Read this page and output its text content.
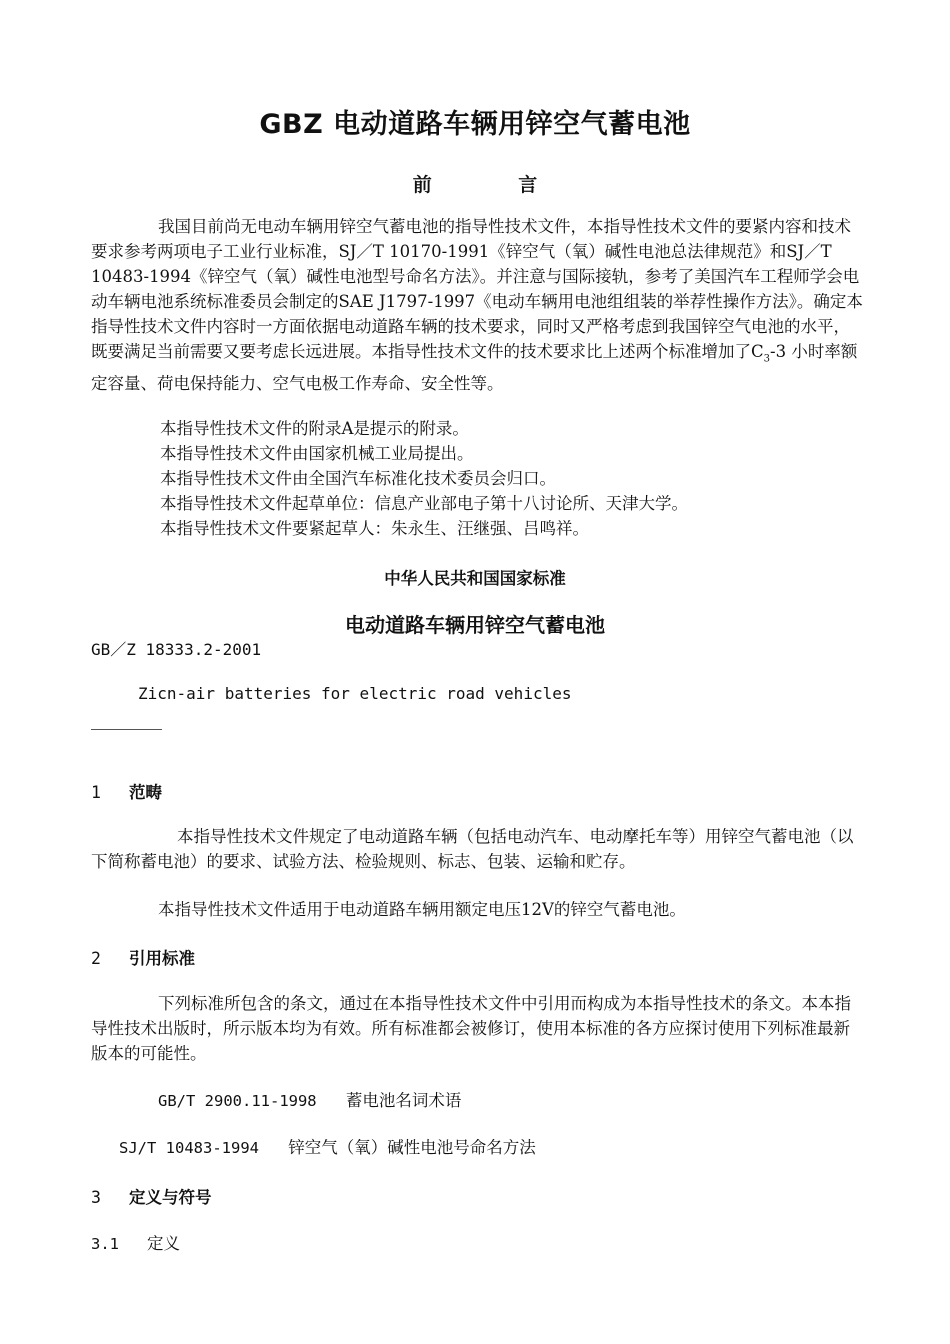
GBZ 电动道路车辆用锌空气蓄电池
前 言

我国目前尚无电动车辆用锌空气蓄电池的指导性技术文件，本指导性技术文件的要紧内容和技术要求参考两项电子工业行业标准，SJ／T 10170-1991《锌空气（氧）碱性电池总法律规范》和SJ／T 10483-1994《锌空气（氧）碱性电池型号命名方法》。并注意与国际接轨，参考了美国汽车工程师学会电动车辆电池系统标准委员会制定的SAE J1797-1997《电动车辆用电池组组装的举荐性操作方法》。确定本指导性技术文件内容时一方面依据电动道路车辆的技术要求，同时又严格考虑到我国锌空气电池的水平，既要满足当前需要又要考虑长远进展。本指导性技术文件的技术要求比上述两个标准增加了$C_3-3$ 小时率额定容量、荷电保持能力、空气电极工作寿命、安全性等。

本指导性技术文件的附录A是提示的附录。
本指导性技术文件由国家机械工业局提出。
本指导性技术文件由全国汽车标准化技术委员会归口。
本指导性技术文件起草单位：信息产业部电子第十八讨论所、天津大学。
本指导性技术文件要紧起草人：朱永生、汪继强、吕鸣祥。
中华人民共和国国家标准
电动道路车辆用锌空气蓄电池
GB／Z 18333.2-2001
Zicn-air batteries for electric road vehicles
1 范畴

本指导性技术文件规定了电动道路车辆（包括电动汽车、电动摩托车等）用锌空气蓄电池（以下简称蓄电池）的要求、试验方法、检验规则、标志、包装、运输和贮存。

本指导性技术文件适用于电动道路车辆用额定电压12V的锌空气蓄电池。

2 引用标准

下列标准所包含的条文，通过在本指导性技术文件中引用而构成为本指导性技术的条文。本本指导性技术出版时，所示版本均为有效。所有标准都会被修订，使用本标准的各方应探讨使用下列标准最新版本的可能性。

GB/T 2900.11-1998 蓄电池名词术语
SJ/T 10483-1994 锌空气（氧）碱性电池号命名方法
3 定义与符号
3.1 定义
